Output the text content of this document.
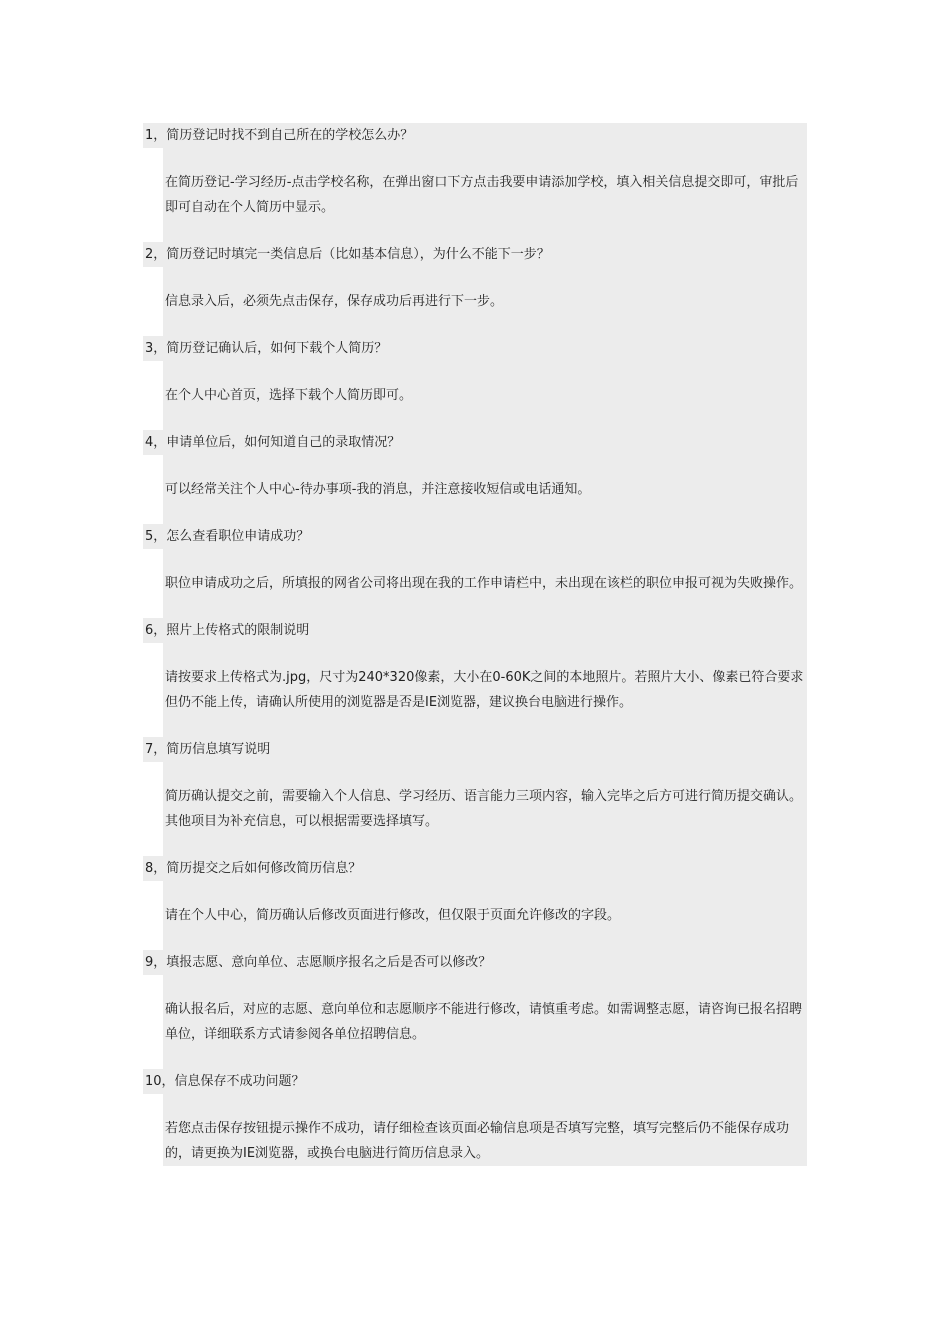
1，简历登记时找不到自己所在的学校怎么办？
在简历登记-学习经历-点击学校名称，在弹出窗口下方点击我要申请添加学校，填入相关信息提交即可，审批后即可自动在个人简历中显示。
2，简历登记时填完一类信息后（比如基本信息），为什么不能下一步？
信息录入后，必须先点击保存，保存成功后再进行下一步。
3，简历登记确认后，如何下载个人简历？
在个人中心首页，选择下载个人简历即可。
4，申请单位后，如何知道自己的录取情况？
可以经常关注个人中心-待办事项-我的消息，并注意接收短信或电话通知。
5，怎么查看职位申请成功？
职位申请成功之后，所填报的网省公司将出现在我的工作申请栏中，未出现在该栏的职位申报可视为失败操作。
6，照片上传格式的限制说明
请按要求上传格式为.jpg，尺寸为240*320像素，大小在0-60K之间的本地照片。若照片大小、像素已符合要求但仍不能上传，请确认所使用的浏览器是否是IE浏览器，建议换台电脑进行操作。
7，简历信息填写说明
简历确认提交之前，需要输入个人信息、学习经历、语言能力三项内容，输入完毕之后方可进行简历提交确认。其他项目为补充信息，可以根据需要选择填写。
8，简历提交之后如何修改简历信息？
请在个人中心，简历确认后修改页面进行修改，但仅限于页面允许修改的字段。
9，填报志愿、意向单位、志愿顺序报名之后是否可以修改？
确认报名后，对应的志愿、意向单位和志愿顺序不能进行修改，请慎重考虑。如需调整志愿，请咨询已报名招聘单位，详细联系方式请参阅各单位招聘信息。
10，信息保存不成功问题？
若您点击保存按钮提示操作不成功，请仔细检查该页面必输信息项是否填写完整，填写完整后仍不能保存成功的，请更换为IE浏览器，或换台电脑进行简历信息录入。
